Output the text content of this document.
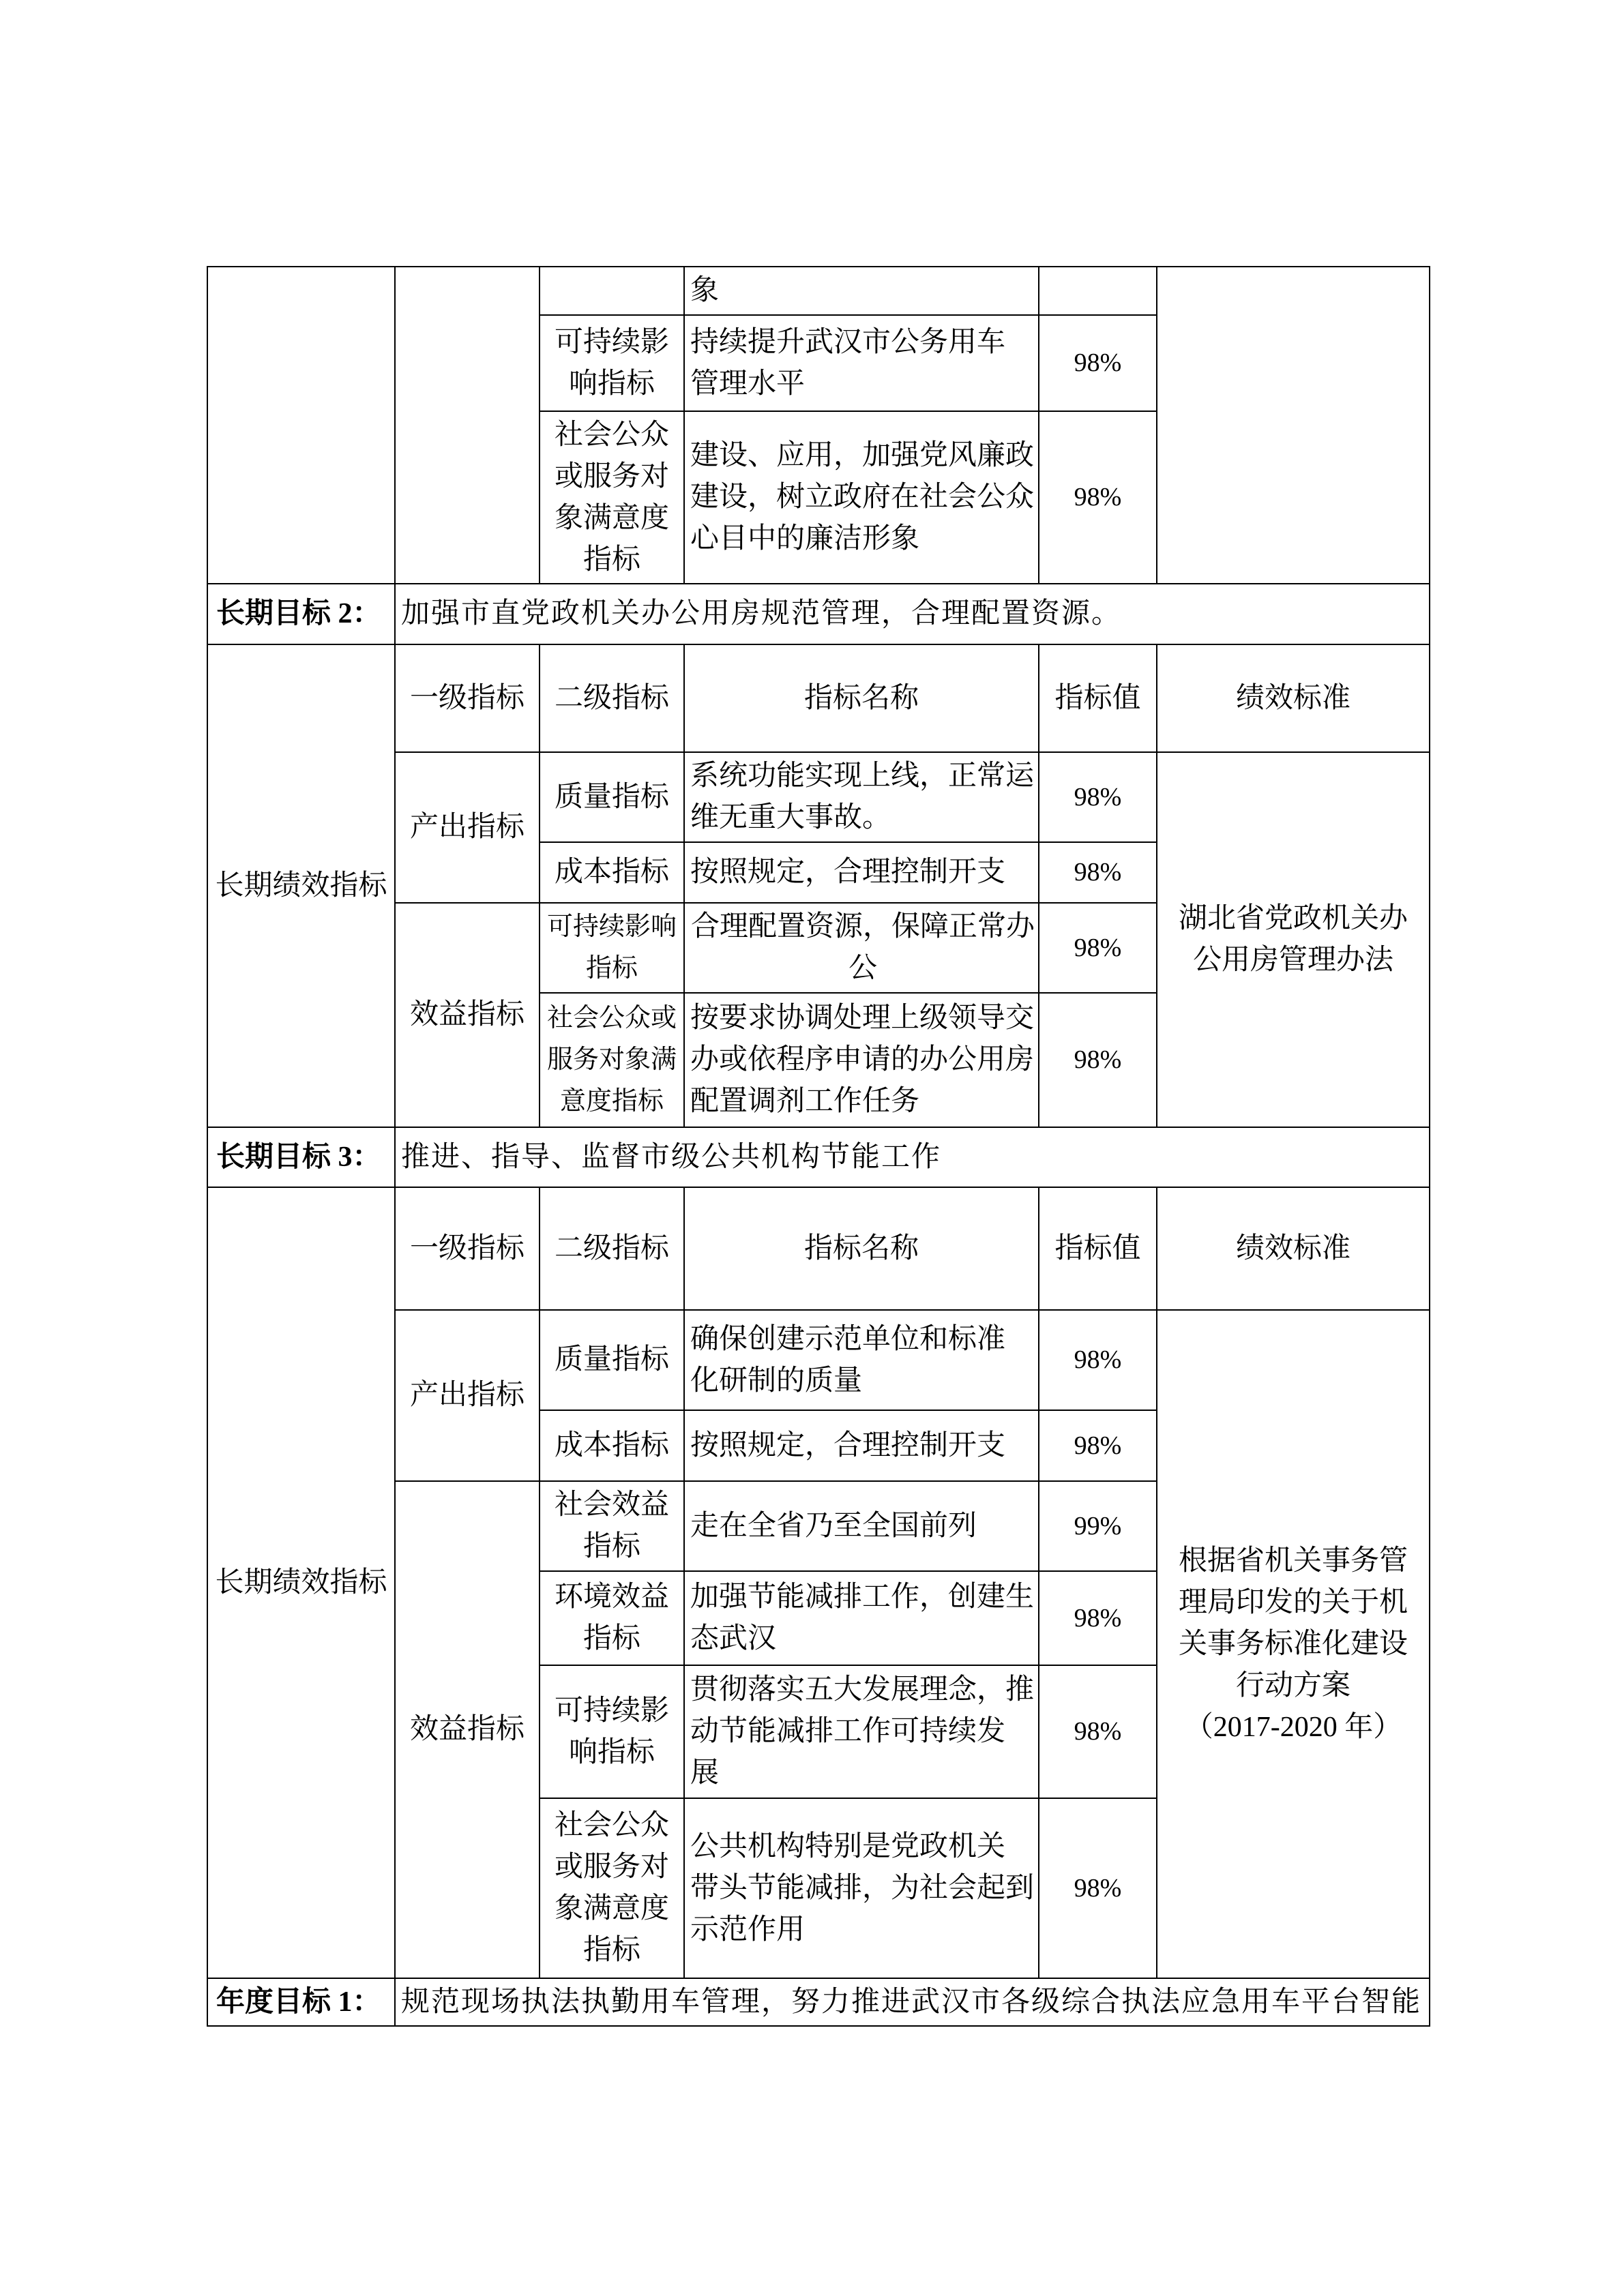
			象		

		可持续影
响指标	持续提升武汉市公务用车
管理水平	98%	

		社会公众
或服务对
象满意度
指标	建设、应用，加强党风廉政
建设，树立政府在社会公众
心目中的廉洁形象	98%	
长期目标 2：	加强市直党政机关办公用房规范管理，合理配置资源。				
长期绩效指标	一级指标	二级指标	指标名称	指标值	绩效标准
	产出指标	质量指标	系统功能实现上线，正常运
维无重大事故。	98%	湖北省党政机关办
公用房管理办法

		成本指标	按照规定，合理控制开支	98%	
	效益指标	可持续影响
指标	合理配置资源，保障正常办
公	98%	

		社会公众或
服务对象满
意度指标	按要求协调处理上级领导交
办或依程序申请的办公用房
配置调剂工作任务	98%	
长期目标 3：	推进、指导、监督市级公共机构节能工作				
长期绩效指标	一级指标	二级指标	指标名称	指标值	绩效标准
	产出指标	质量指标	确保创建示范单位和标准
化研制的质量	98%	根据省机关事务管
理局印发的关于机
关事务标准化建设
行动方案
（2017-2020 年）

		成本指标	按照规定，合理控制开支	98%	
	效益指标	社会效益
指标	走在全省乃至全国前列	99%	

		环境效益
指标	加强节能减排工作，创建生
态武汉	98%	

		可持续影
响指标	贯彻落实五大发展理念，推
动节能减排工作可持续发
展	98%	

		社会公众
或服务对
象满意度
指标	公共机构特别是党政机关
带头节能减排，为社会起到
示范作用	98%	
年度目标 1：	规范现场执法执勤用车管理，努力推进武汉市各级综合执法应急用车平台智能				
